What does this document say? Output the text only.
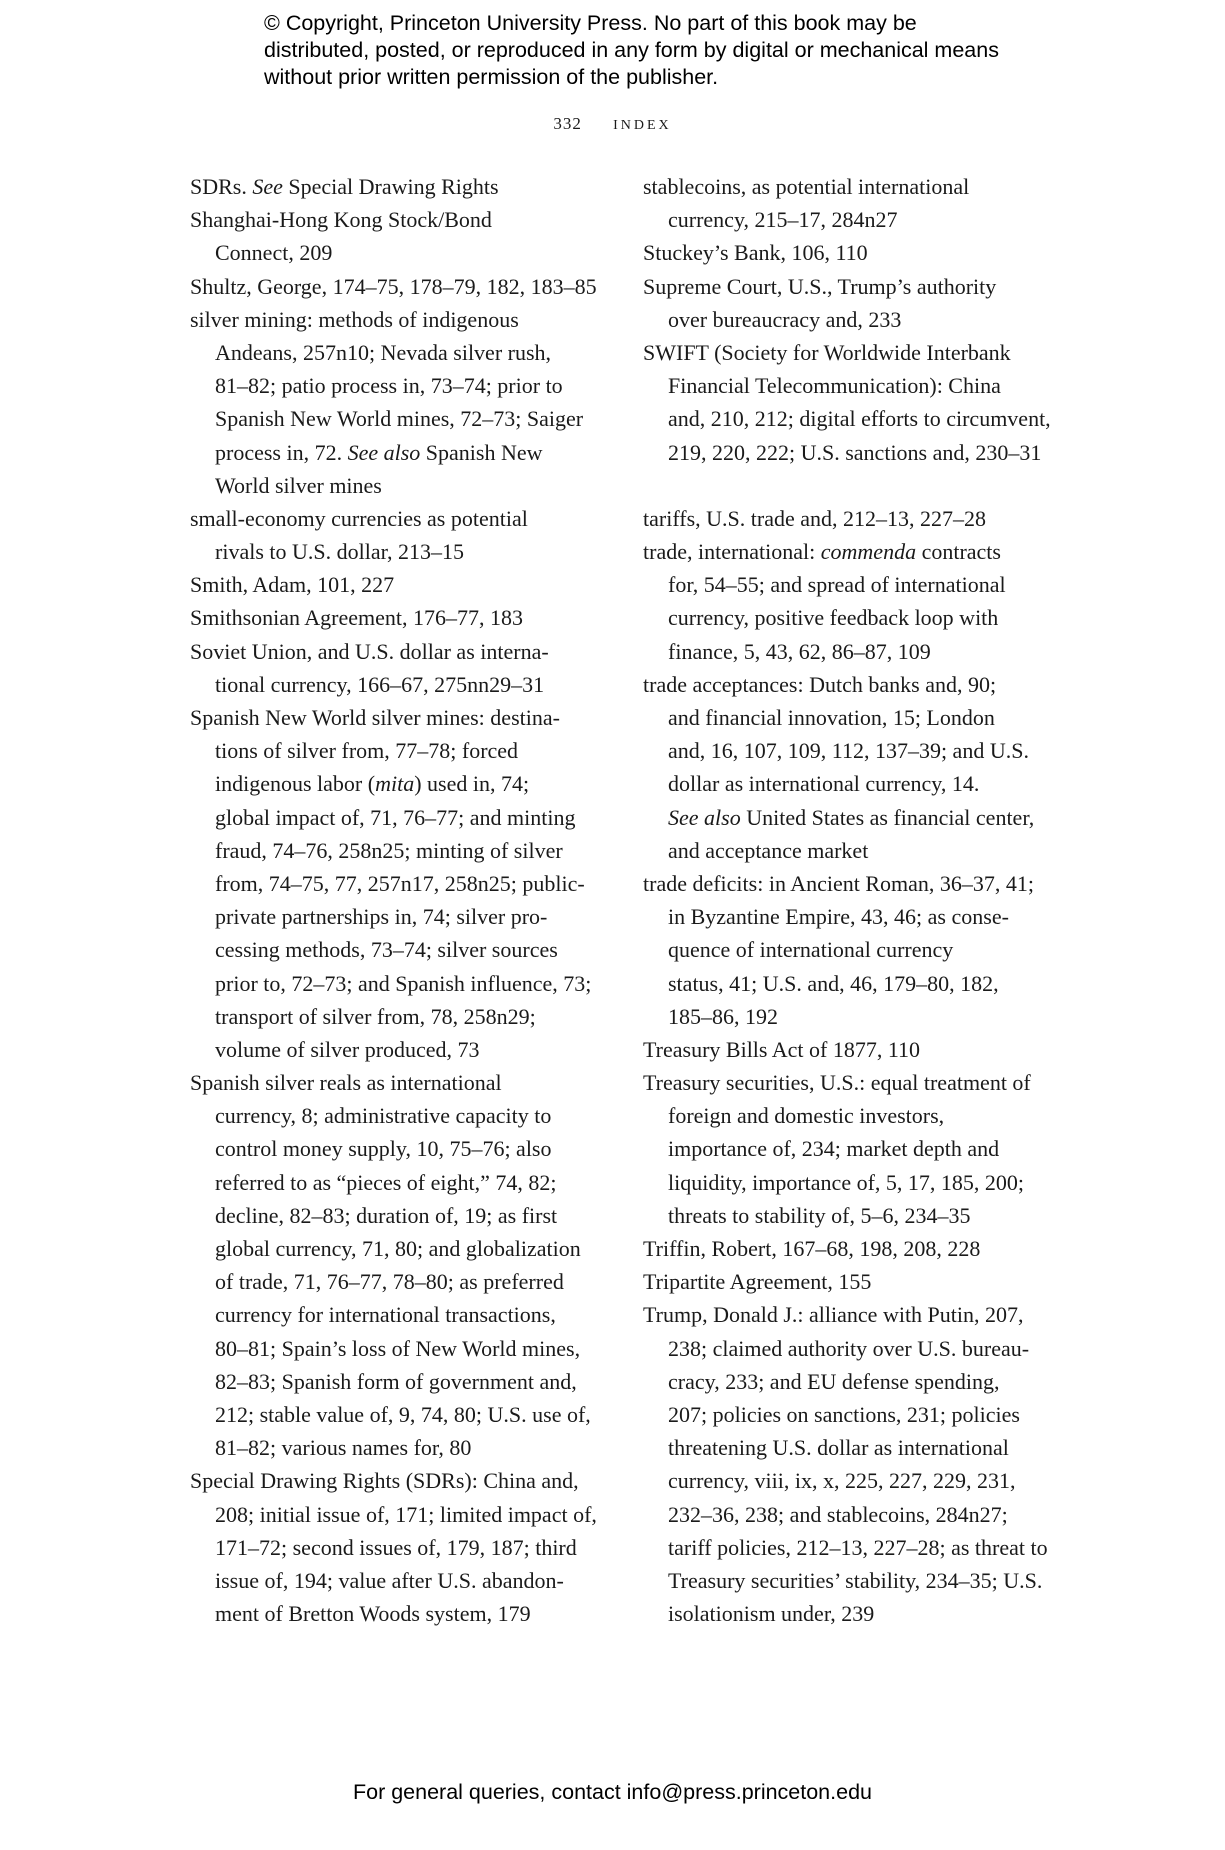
© Copyright, Princeton University Press. No part of this book may be distributed, posted, or reproduced in any form by digital or mechanical means without prior written permission of the publisher.
332 index
SDRs. See Special Drawing Rights
Shanghai-Hong Kong Stock/Bond
Connect, 209
Shultz, George, 174–75, 178–79, 182, 183–85
silver mining: methods of indigenous
Andeans, 257n10; Nevada silver rush,
81–82; patio process in, 73–74; prior to
Spanish New World mines, 72–73; Saiger
process in, 72. See also Spanish New
World silver mines
small-economy currencies as potential
rivals to U.S. dollar, 213–15
Smith, Adam, 101, 227
Smithsonian Agreement, 176–77, 183
Soviet Union, and U.S. dollar as interna-
tional currency, 166–67, 275nn29–31
Spanish New World silver mines: destina-
tions of silver from, 77–78; forced
indigenous labor (mita) used in, 74;
global impact of, 71, 76–77; and minting
fraud, 74–76, 258n25; minting of silver
from, 74–75, 77, 257n17, 258n25; public-
private partnerships in, 74; silver pro-
cessing methods, 73–74; silver sources
prior to, 72–73; and Spanish influence, 73;
transport of silver from, 78, 258n29;
volume of silver produced, 73
Spanish silver reals as international
currency, 8; administrative capacity to
control money supply, 10, 75–76; also
referred to as “pieces of eight,” 74, 82;
decline, 82–83; duration of, 19; as first
global currency, 71, 80; and globalization
of trade, 71, 76–77, 78–80; as preferred
currency for international transactions,
80–81; Spain’s loss of New World mines,
82–83; Spanish form of government and,
212; stable value of, 9, 74, 80; U.S. use of,
81–82; various names for, 80
Special Drawing Rights (SDRs): China and,
208; initial issue of, 171; limited impact of,
171–72; second issues of, 179, 187; third
issue of, 194; value after U.S. abandon-
ment of Bretton Woods system, 179
stablecoins, as potential international
currency, 215–17, 284n27
Stuckey’s Bank, 106, 110
Supreme Court, U.S., Trump’s authority
over bureaucracy and, 233
SWIFT (Society for Worldwide Interbank
Financial Telecommunication): China
and, 210, 212; digital efforts to circumvent,
219, 220, 222; U.S. sanctions and, 230–31
tariffs, U.S. trade and, 212–13, 227–28
trade, international: commenda contracts
for, 54–55; and spread of international
currency, positive feedback loop with
finance, 5, 43, 62, 86–87, 109
trade acceptances: Dutch banks and, 90;
and financial innovation, 15; London
and, 16, 107, 109, 112, 137–39; and U.S.
dollar as international currency, 14.
See also United States as financial center,
and acceptance market
trade deficits: in Ancient Roman, 36–37, 41;
in Byzantine Empire, 43, 46; as conse-
quence of international currency
status, 41; U.S. and, 46, 179–80, 182,
185–86, 192
Treasury Bills Act of 1877, 110
Treasury securities, U.S.: equal treatment of
foreign and domestic investors,
importance of, 234; market depth and
liquidity, importance of, 5, 17, 185, 200;
threats to stability of, 5–6, 234–35
Triffin, Robert, 167–68, 198, 208, 228
Tripartite Agreement, 155
Trump, Donald J.: alliance with Putin, 207,
238; claimed authority over U.S. bureau-
cracy, 233; and EU defense spending,
207; policies on sanctions, 231; policies
threatening U.S. dollar as international
currency, viii, ix, x, 225, 227, 229, 231,
232–36, 238; and stablecoins, 284n27;
tariff policies, 212–13, 227–28; as threat to
Treasury securities’ stability, 234–35; U.S.
isolationism under, 239
For general queries, contact info@press.princeton.edu
